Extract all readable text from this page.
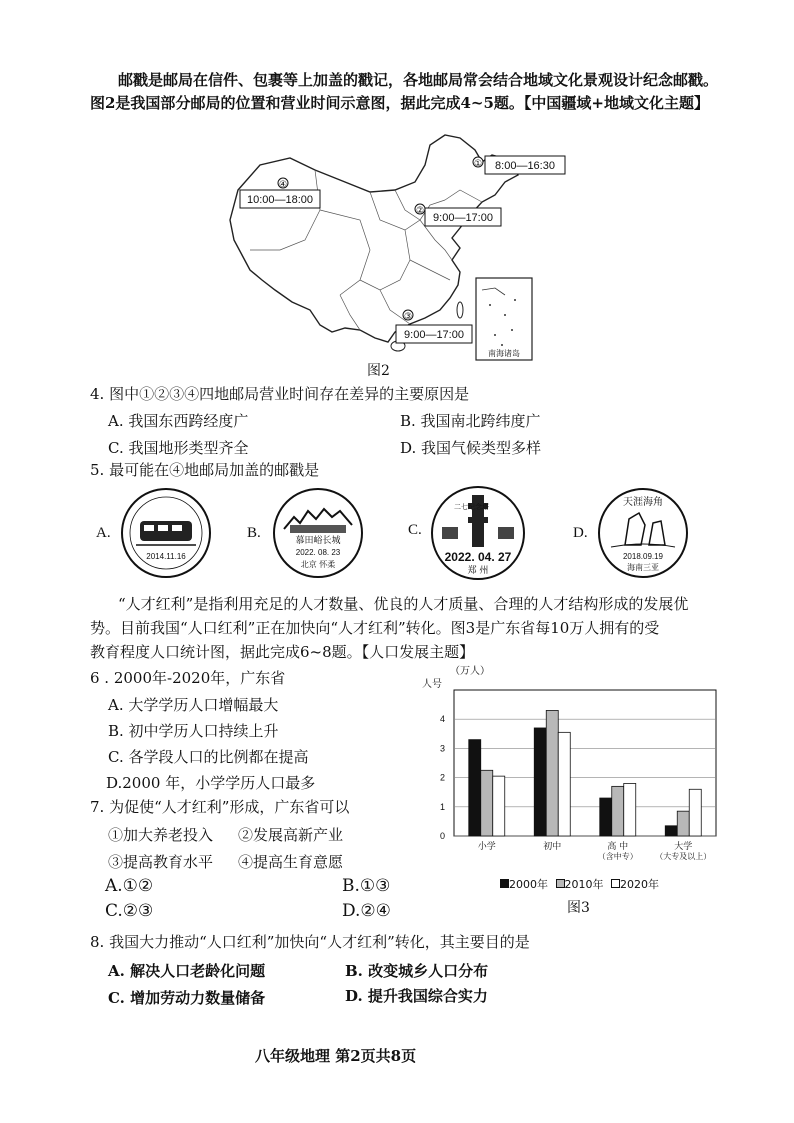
邮戳是邮局在信件、包裹等上加盖的戳记，各地邮局常会结合地域文化景观设计纪念邮戳。
图2是我国部分邮局的位置和营业时间示意图，据此完成4~5题。【中国疆域+地域文化主题】
南海诸岛
① 8:00—16:30
②
9:00—17:00
③
9:00—17:00
④
10:00—18:00
图2
4. 图中①②③④四地邮局营业时间存在差异的主要原因是
A. 我国东西跨经度广	B. 我国南北跨纬度广
C. 我国地形类型齐全	D. 我国气候类型多样
5. 最可能在④地邮局加盖的邮戳是
A.
2014.11.16
B.	慕田峪长城
2022. 08. 23
北京 怀柔
C.
二七纪念塔
2022. 04. 27
郑 州
D.
天涯海角
2018.09.19
海南三亚
“人才红利”是指利用充足的人才数量、优良的人才质量、合理的人才结构形成的发展优
势。目前我国“人口红利”正在加快向“人才红利”转化。图3是广东省每10万人拥有的受
教育程度人口统计图，据此完成6~8题。【人口发展主题】
6 . 2000年-2020年，广东省
A. 大学学历人口增幅最大
B. 初中学历人口持续上升
C. 各学段人口的比例都在提高
D.2000 年，小学学历人口最多
7. 为促使“人才红利”形成，广东省可以
①加大养老投入 ②发展高新产业
③提高教育水平 ④提高生育意愿
A.①②	B.①③
C.②③	D.②④
（万人）
人号
0
1
2
3
4
小学	初中	高 中
（含中专）
大学
（大专及以上）
2000年 2010年 2020年
图3
8. 我国大力推动“人口红利”加快向“人才红利”转化，其主要目的是
A. 解决人口老龄化问题	B. 改变城乡人口分布
C. 增加劳动力数量储备	D. 提升我国综合实力
八年级地理 第2页共8页
